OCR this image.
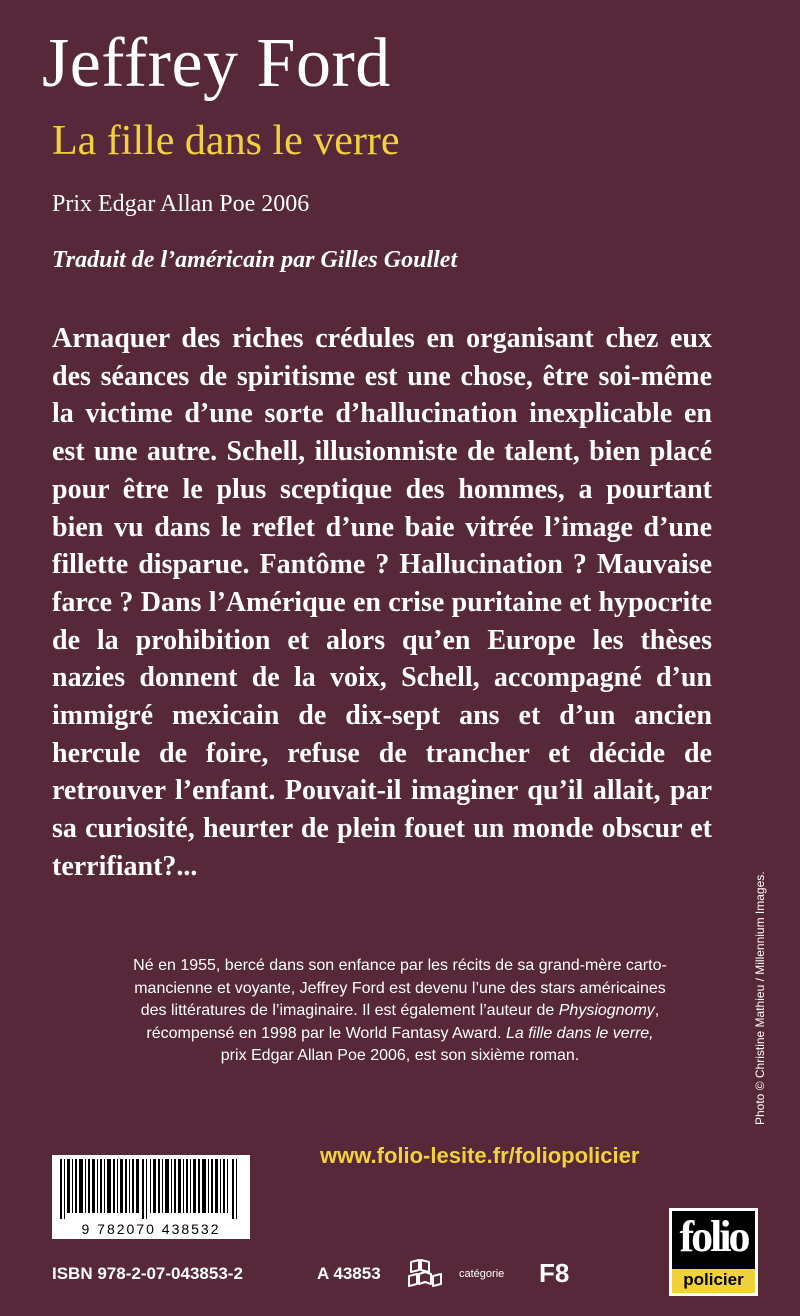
Jeffrey Ford
La fille dans le verre
Prix Edgar Allan Poe 2006
Traduit de l’américain par Gilles Goullet
Arnaquer des riches crédules en organisant chez eux des séances de spiritisme est une chose, être soi-même la victime d’une sorte d’hallucination inexplicable en est une autre. Schell, illusionniste de talent, bien placé pour être le plus sceptique des hommes, a pourtant bien vu dans le reflet d’une baie vitrée l’image d’une fillette disparue. Fantôme ? Hallucination ? Mauvaise farce ? Dans l’Amérique en crise puritaine et hypocrite de la prohibition et alors qu’en Europe les thèses nazies donnent de la voix, Schell, accompagné d’un immigré mexicain de dix-sept ans et d’un ancien hercule de foire, refuse de trancher et décide de retrouver l’enfant. Pouvait-il imaginer qu’il allait, par sa curiosité, heurter de plein fouet un monde obscur et terrifiant?...

Né en 1955, bercé dans son enfance par les récits de sa grand-mère carto-

mancienne et voyante, Jeffrey Ford est devenu l’une des stars américaines

des littératures de l’imaginaire. Il est également l’auteur de Physiognomy,

récompensé en 1998 par le World Fantasy Award. La fille dans le verre,

prix Edgar Allan Poe 2006, est son sixième roman.	Photo © Christine Mathieu / Millennium Images.
www.folio-lesite.fr/foliopolicier
9 782070 438532
ISBN 978-2-07-043853-2	A 43853	catégorie F8
folio
policier
